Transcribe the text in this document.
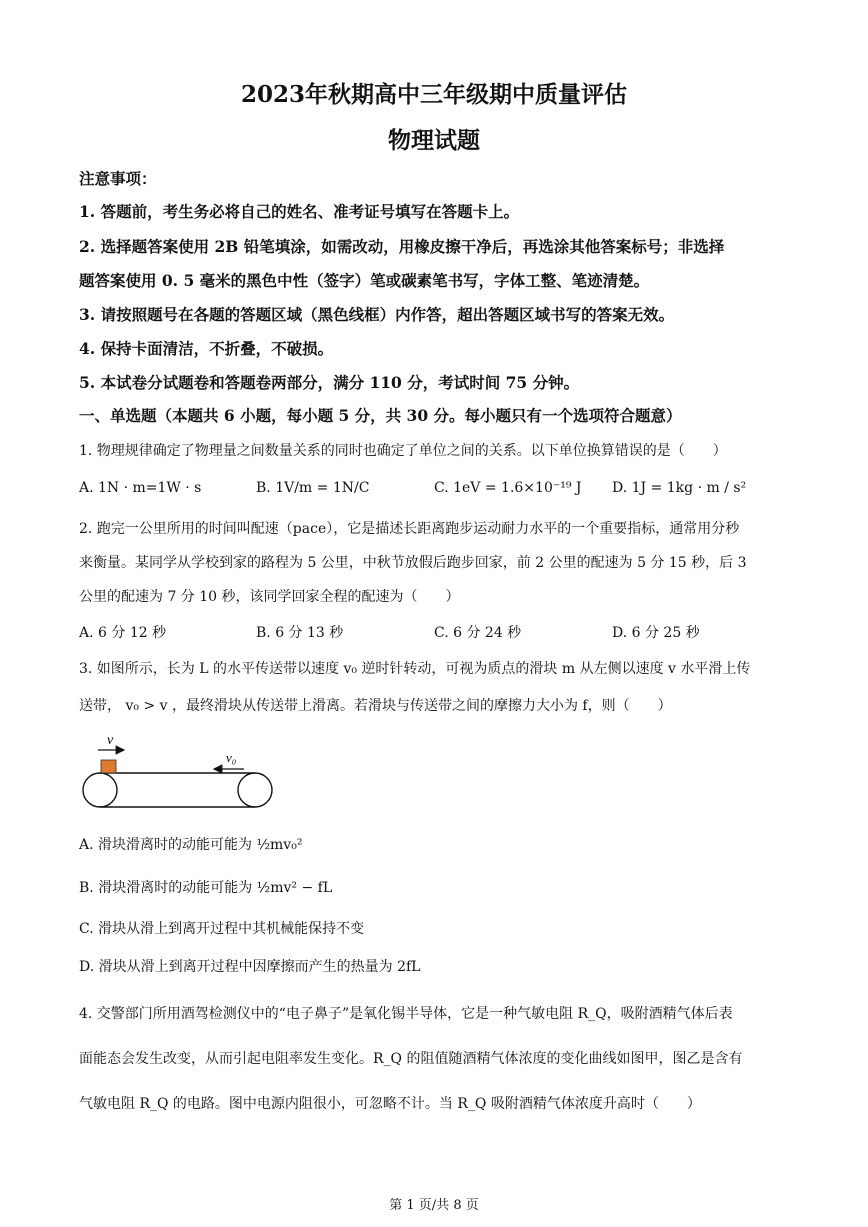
2023年秋期高中三年级期中质量评估
物理试题
注意事项：
1. 答题前，考生务必将自己的姓名、准考证号填写在答题卡上。
2. 选择题答案使用 2B 铅笔填涂，如需改动，用橡皮擦干净后，再选涂其他答案标号；非选择
题答案使用 0. 5 毫米的黑色中性（签字）笔或碳素笔书写，字体工整、笔迹清楚。
3. 请按照题号在各题的答题区域（黑色线框）内作答，超出答题区域书写的答案无效。
4. 保持卡面清洁，不折叠，不破损。
5. 本试卷分试题卷和答题卷两部分，满分 110 分，考试时间 75 分钟。
一、单选题（本题共 6 小题，每小题 5 分，共 30 分。每小题只有一个选项符合题意）
1. 物理规律确定了物理量之间数量关系的同时也确定了单位之间的关系。以下单位换算错误的是（　　）
A. 1N · m=1W · s	B. 1V/m = 1N/C	C. 1eV = 1.6×10⁻¹⁹ J D. 1J = 1kg · m / s²
2. 跑完一公里所用的时间叫配速（pace），它是描述长距离跑步运动耐力水平的一个重要指标，通常用分秒
来衡量。某同学从学校到家的路程为 5 公里，中秋节放假后跑步回家，前 2 公里的配速为 5 分 15 秒，后 3
公里的配速为 7 分 10 秒，该同学回家全程的配速为（　　）
A. 6 分 12 秒	B. 6 分 13 秒	C. 6 分 24 秒	D. 6 分 25 秒
3. 如图所示，长为 L 的水平传送带以速度 v₀ 逆时针转动，可视为质点的滑块 m 从左侧以速度 v 水平滑上传
送带， v₀ > v ，最终滑块从传送带上滑离。若滑块与传送带之间的摩擦力大小为 f，则（　　）
v
v₀
A. 滑块滑离时的动能可能为 ½mv₀²
B. 滑块滑离时的动能可能为 ½mv² − fL
C. 滑块从滑上到离开过程中其机械能保持不变
D. 滑块从滑上到离开过程中因摩擦而产生的热量为 2fL
4. 交警部门所用酒驾检测仪中的“电子鼻子”是氧化锡半导体，它是一种气敏电阻 R_Q，吸附酒精气体后表
面能态会发生改变，从而引起电阻率发生变化。R_Q 的阻值随酒精气体浓度的变化曲线如图甲，图乙是含有
气敏电阻 R_Q 的电路。图中电源内阻很小，可忽略不计。当 R_Q 吸附酒精气体浓度升高时（　　）
第 1 页/共 8 页
